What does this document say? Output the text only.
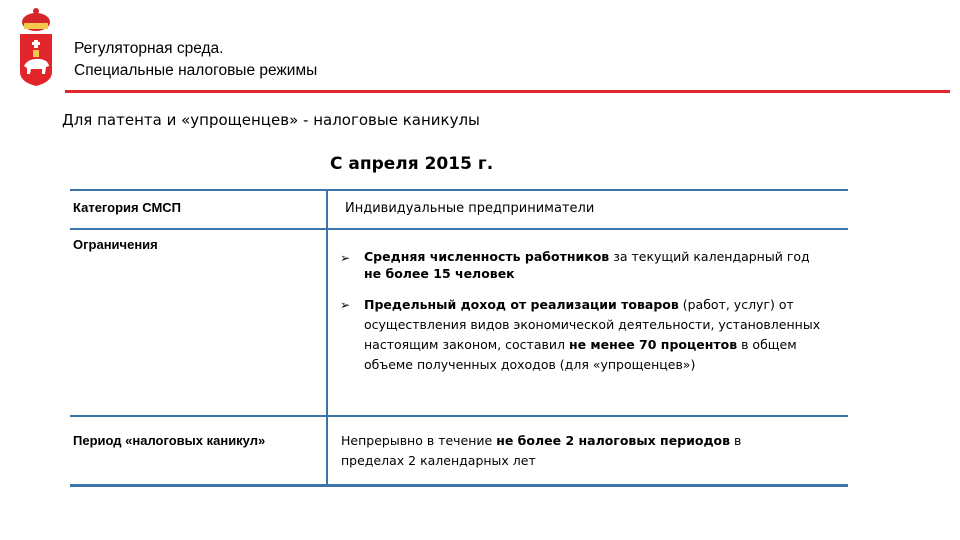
Регуляторная среда.
Специальные налоговые режимы
Для патента и «упрощенцев» - налоговые каникулы
С апреля 2015 г.
Категория СМСП	Индивидуальные предприниматели
Ограничения
➢ Средняя численность работников за текущий календарный год
не более 15 человек
➢ Предельный доход от реализации товаров (работ, услуг) от осуществления видов экономической деятельности, установленных настоящим законом, составил не менее 70 процентов в общем объеме полученных доходов (для «упрощенцев»)
Период «налоговых каникул»	Непрерывно в течение не более 2 налоговых периодов в пределах 2 календарных лет
